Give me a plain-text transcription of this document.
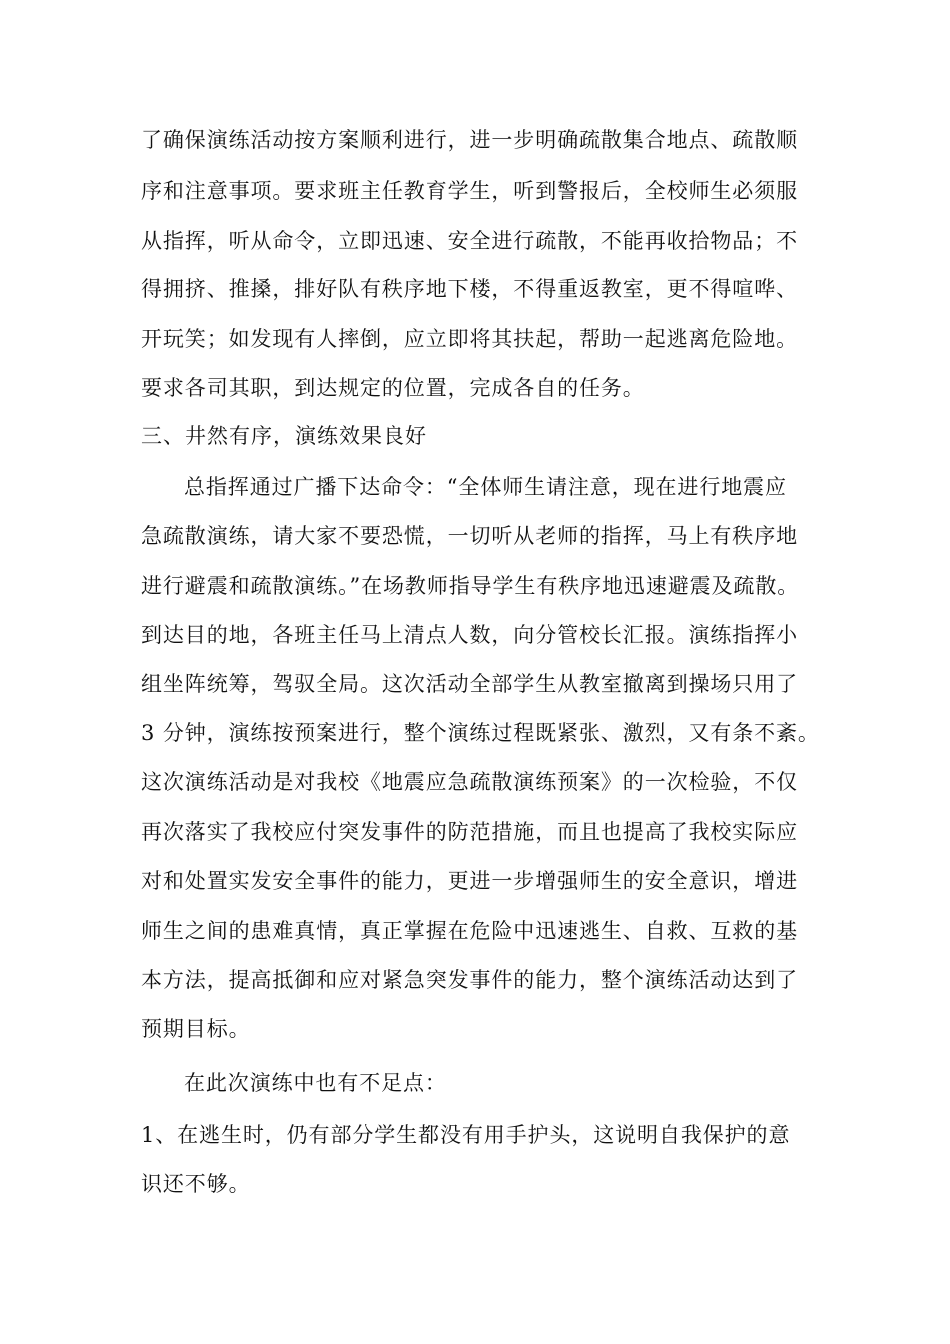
了确保演练活动按方案顺利进行，进一步明确疏散集合地点、疏散顺
序和注意事项。要求班主任教育学生，听到警报后，全校师生必须服
从指挥，听从命令，立即迅速、安全进行疏散，不能再收拾物品；不
得拥挤、推搡，排好队有秩序地下楼，不得重返教室，更不得喧哗、
开玩笑；如发现有人摔倒，应立即将其扶起，帮助一起逃离危险地。
要求各司其职，到达规定的位置，完成各自的任务。
三、井然有序，演练效果良好
总指挥通过广播下达命令：“全体师生请注意，现在进行地震应
急疏散演练，请大家不要恐慌，一切听从老师的指挥，马上有秩序地
进行避震和疏散演练。”在场教师指导学生有秩序地迅速避震及疏散。
到达目的地，各班主任马上清点人数，向分管校长汇报。演练指挥小
组坐阵统筹，驾驭全局。这次活动全部学生从教室撤离到操场只用了
3 分钟，演练按预案进行，整个演练过程既紧张、激烈，又有条不紊。
这次演练活动是对我校《地震应急疏散演练预案》的一次检验，不仅
再次落实了我校应付突发事件的防范措施，而且也提高了我校实际应
对和处置实发安全事件的能力，更进一步增强师生的安全意识，增进
师生之间的患难真情，真正掌握在危险中迅速逃生、自救、互救的基
本方法，提高抵御和应对紧急突发事件的能力，整个演练活动达到了
预期目标。
在此次演练中也有不足点：
1、在逃生时，仍有部分学生都没有用手护头，这说明自我保护的意
识还不够。
